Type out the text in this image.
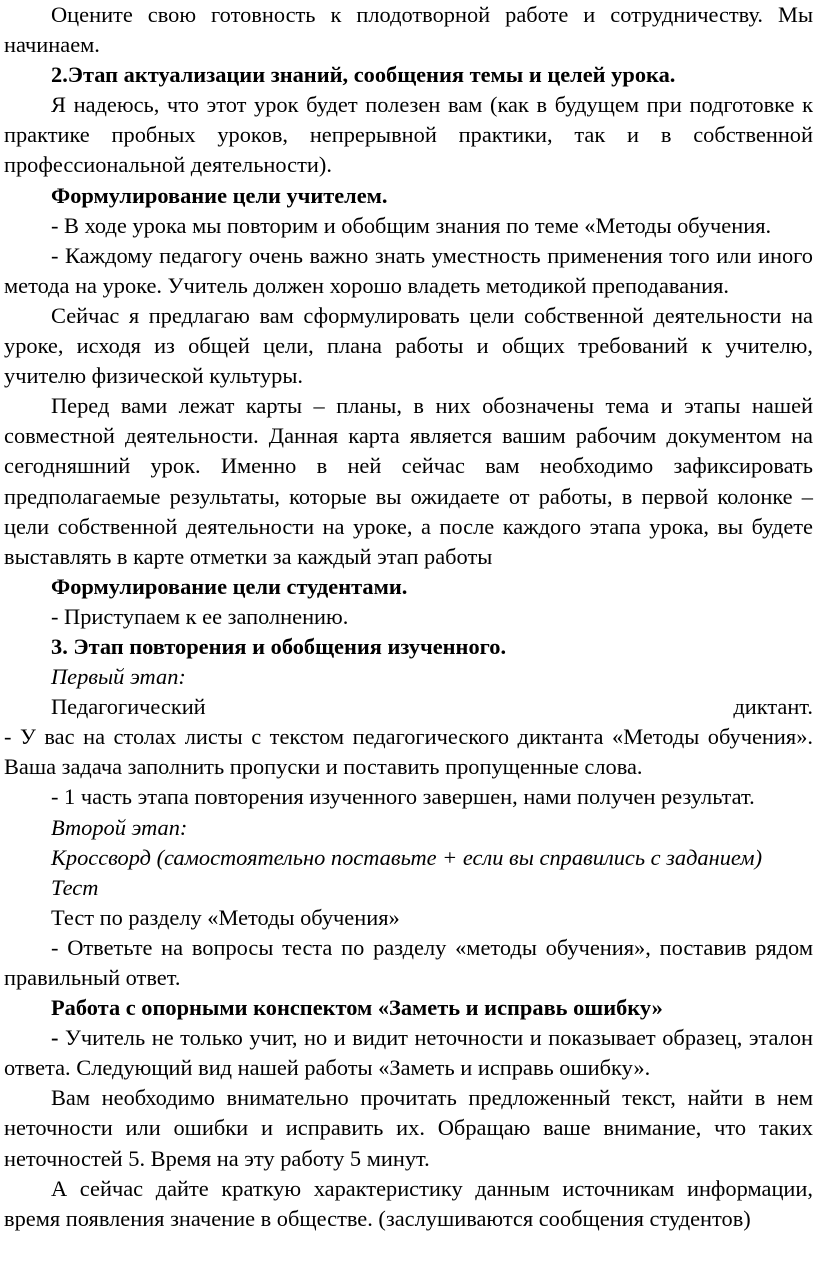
Оцените свою готовность к плодотворной работе и сотрудничеству. Мы начинаем.

2.Этап актуализации знаний, сообщения темы и целей урока.

Я надеюсь, что этот урок будет полезен вам (как в будущем при подготовке к практике пробных уроков, непрерывной практики, так и в собственной профессиональной деятельности).

Формулирование цели учителем.

- В ходе урока мы повторим и обобщим знания по теме «Методы обучения.

- Каждому педагогу очень важно знать уместность применения того или иного метода на уроке. Учитель должен хорошо владеть методикой преподавания.

Сейчас я предлагаю вам сформулировать цели собственной деятельности на уроке, исходя из общей цели, плана работы и общих требований к учителю, учителю физической культуры.

Перед вами лежат карты – планы, в них обозначены тема и этапы нашей совместной деятельности. Данная карта является вашим рабочим документом на сегодняшний урок. Именно в ней сейчас вам необходимо зафиксировать предполагаемые результаты, которые вы ожидаете от работы, в первой колонке – цели собственной деятельности на уроке, а после каждого этапа урока, вы будете выставлять в карте отметки за каждый этап работы

Формулирование цели студентами.

- Приступаем к ее заполнению.

3. Этап повторения и обобщения изученного.

Первый этап:

Педагогический диктант.

- У вас на столах листы с текстом педагогического диктанта «Методы обучения». Ваша задача заполнить пропуски и поставить пропущенные слова.

- 1 часть этапа повторения изученного завершен, нами получен результат.

Второй этап:

Кроссворд (самостоятельно поставьте + если вы справились с заданием)

Тест

Тест по разделу «Методы обучения»

- Ответьте на вопросы теста по разделу «методы обучения», поставив рядом правильный ответ.

Работа с опорными конспектом «Заметь и исправь ошибку»

- Учитель не только учит, но и видит неточности и показывает образец, эталон ответа. Следующий вид нашей работы «Заметь и исправь ошибку».

Вам необходимо внимательно прочитать предложенный текст, найти в нем неточности или ошибки и исправить их. Обращаю ваше внимание, что таких неточностей 5. Время на эту работу 5 минут.

А сейчас дайте краткую характеристику данным источникам информации, время появления значение в обществе. (заслушиваются сообщения студентов)
